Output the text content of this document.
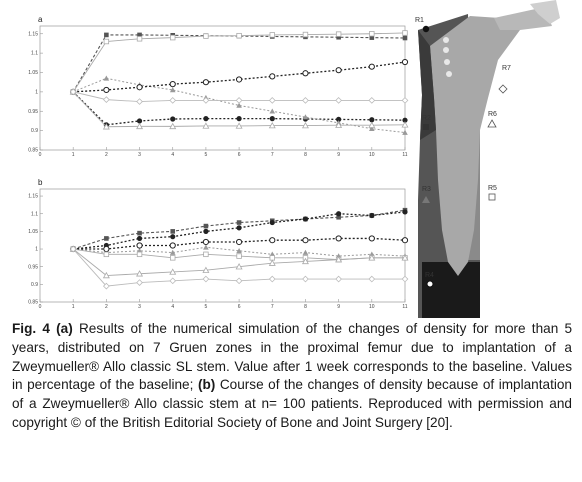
0.85
0.9
0.95
1
1.05
1.1
1.15
0	1	2	3	4	5	6	7	8	9	10	11
a
0.85
0.9
0.95
1
1.05
1.1
1.15
0	1	2	3	4	5	6	7	8	9	10	11
b
R1
R2
R3
R4
R5
R6
R7
Fig. 4 (a) Results of the numerical simulation of the changes of density for more than 5 years, distributed on 7 Gruen zones in the proximal femur due to implantation of a Zweymueller® Allo classic SL stem. Value after 1 week corresponds to the baseline. Values in percentage of the baseline; (b) Course of the changes of density because of implantation of a Zweymueller® Allo classic stem at n= 100 patients. Reproduced with permission and copyright © of the British Editorial Society of Bone and Joint Surgery [20].
